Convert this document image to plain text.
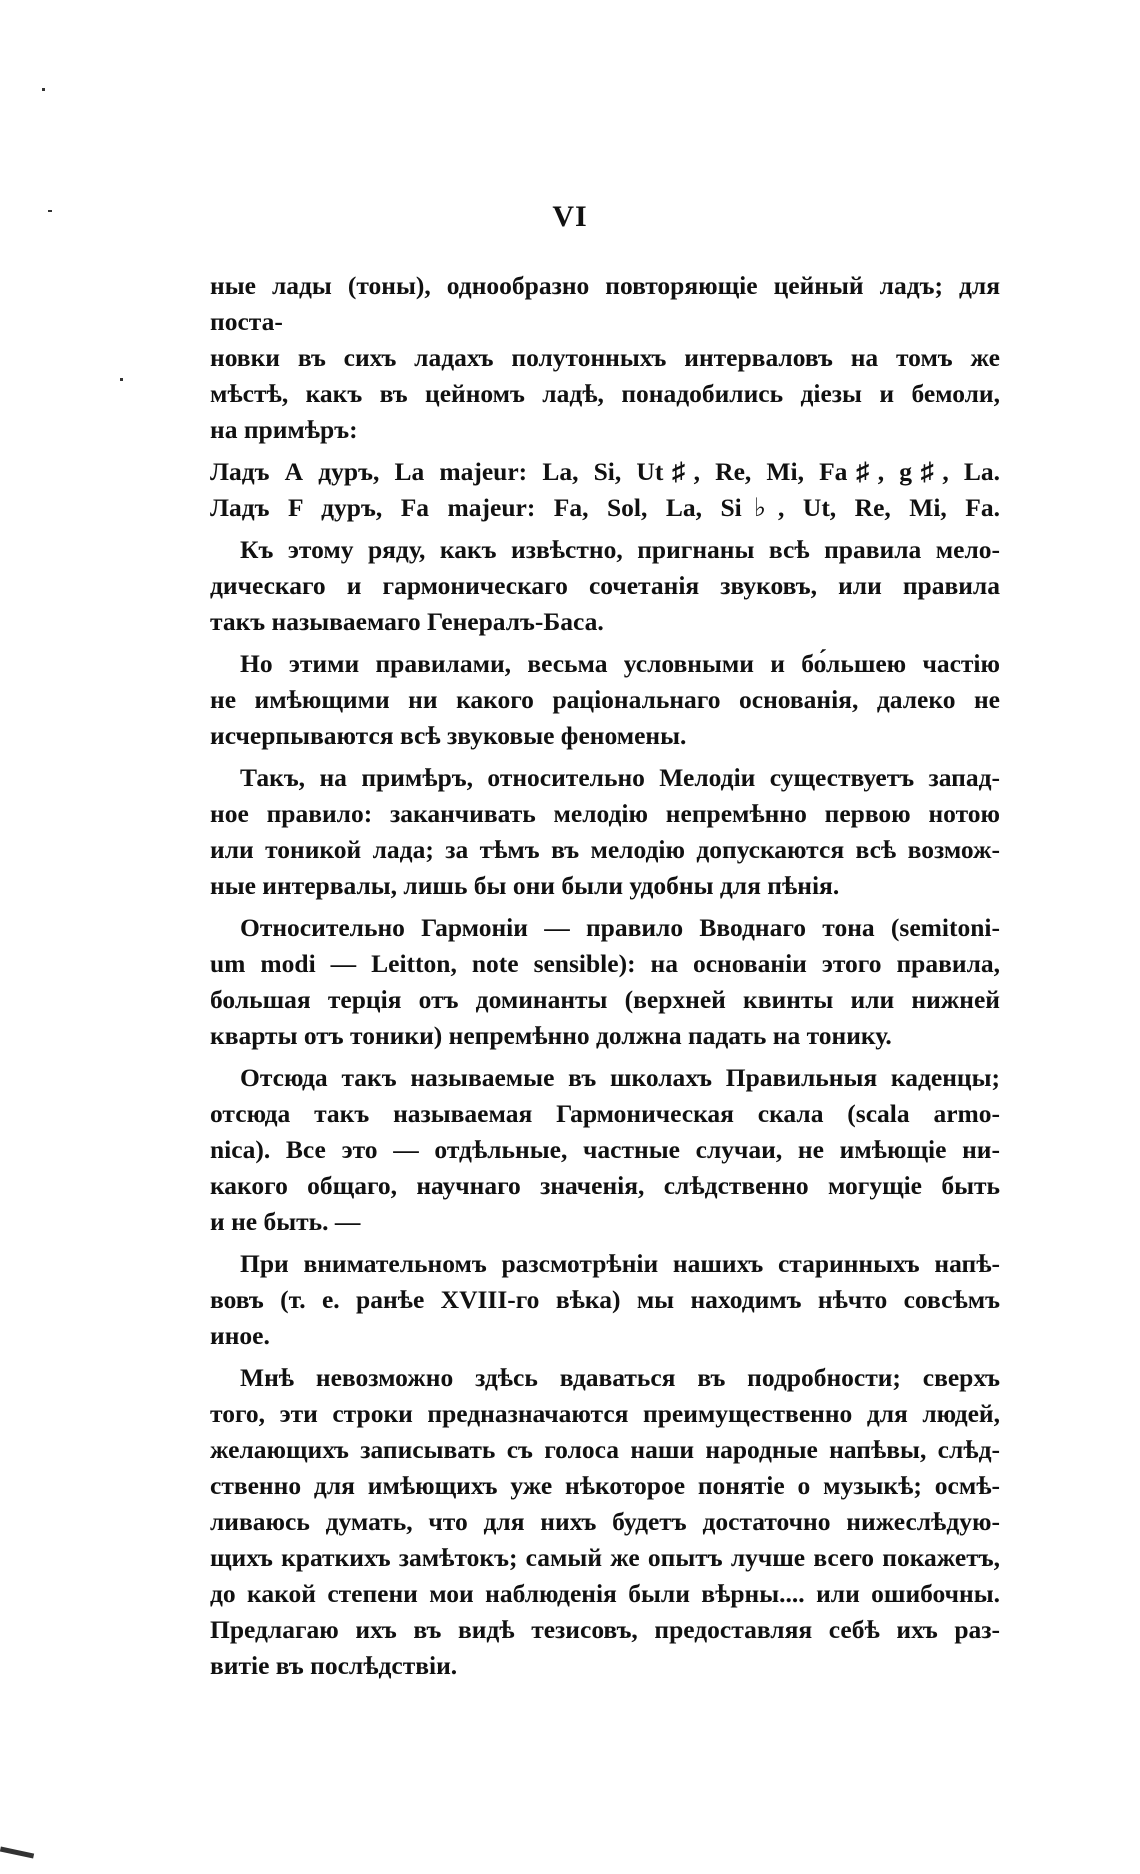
VI
ные лады (тоны), однообразно повторяющіе цейный ладъ; для поста-
новки въ сихъ ладахъ полутонныхъ интерваловъ на томъ же
мѣстѣ, какъ въ цейномъ ладѣ, понадобились діезы и бемоли,
на примѣръ:
Ладъ А дуръ, La majeur: La, Si, Ut♯, Re, Mi, Fa♯, g♯, La.
Ладъ F дуръ, Fa majeur: Fa, Sol, La, Si♭, Ut, Re, Mi, Fa.
Къ этому ряду, какъ извѣстно, пригнаны всѣ правила мело-
дическаго и гармоническаго сочетанія звуковъ, или правила
такъ называемаго Генералъ-Баса.
Но этими правилами, весьма условными и бо́льшею частію
не имѣющими ни какого раціональнаго основанія, далеко не
исчерпываются всѣ звуковые феномены.
Такъ, на примѣръ, относительно Мелодіи существуетъ запад-
ное правило: заканчивать мелодію непремѣнно первою нотою
или тоникой лада; за тѣмъ въ мелодію допускаются всѣ возмож-
ные интервалы, лишь бы они были удобны для пѣнія.
Относительно Гармоніи — правило Вводнаго тона (semitoni-
um modi — Leitton, note sensible): на основаніи этого правила,
большая терція отъ доминанты (верхней квинты или нижней
кварты отъ тоники) непремѣнно должна падать на тонику.
Отсюда такъ называемые въ школахъ Правильныя каденцы;
отсюда такъ называемая Гармоническая скала (scala armo-
nica). Все это — отдѣльные, частные случаи, не имѣющіе ни-
какого общаго, научнаго значенія, слѣдственно могущіе быть
и не быть. —
При внимательномъ разсмотрѣніи нашихъ старинныхъ напѣ-
вовъ (т. е. ранѣе XVIII-го вѣка) мы находимъ нѣчто совсѣмъ
иное.
Мнѣ невозможно здѣсь вдаваться въ подробности; сверхъ
того, эти строки предназначаются преимущественно для людей,
желающихъ записывать съ голоса наши народные напѣвы, слѣд-
ственно для имѣющихъ уже нѣкоторое понятіе о музыкѣ; осмѣ-
ливаюсь думать, что для нихъ будетъ достаточно нижеслѣдую-
щихъ краткихъ замѣтокъ; самый же опытъ лучше всего покажетъ,
до какой степени мои наблюденія были вѣрны.... или ошибочны.
Предлагаю ихъ въ видѣ тезисовъ, предоставляя себѣ ихъ раз-
витіе въ послѣдствіи.
